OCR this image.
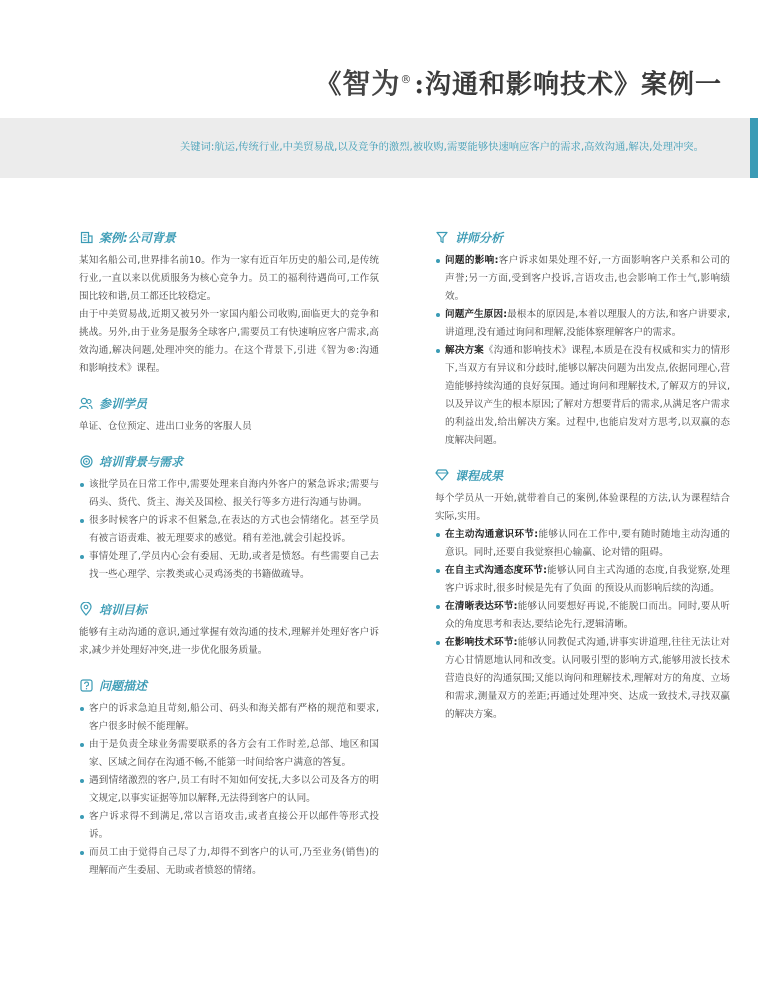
《智为®:沟通和影响技术》案例一
关键词:航运,传统行业,中美贸易战,以及竞争的激烈,被收购,需要能够快速响应客户的需求,高效沟通,解决,处理冲突。
案例:公司背景

某知名船公司,世界排名前10。作为一家有近百年历史的船公司,是传统行业,一直以来以优质服务为核心竞争力。员工的福利待遇尚可,工作氛围比较和谐,员工都还比较稳定。

由于中美贸易战,近期又被另外一家国内船公司收购,面临更大的竞争和挑战。另外,由于业务是服务全球客户,需要员工有快速响应客户需求,高效沟通,解决问题,处理冲突的能力。在这个背景下,引进《智为®:沟通和影响技术》课程。

参训学员

单证、仓位预定、进出口业务的客服人员

培训背景与需求
该批学员在日常工作中,需要处理来自海内外客户的紧急诉求;需要与码头、货代、货主、海关及国检、报关行等多方进行沟通与协调。
很多时候客户的诉求不但紧急,在表达的方式也会情绪化。甚至学员有被言语责难、被无理要求的感觉。稍有差池,就会引起投诉。
事情处理了,学员内心会有委屈、无助,或者是愤怒。有些需要自己去找一些心理学、宗教类或心灵鸡汤类的书籍做疏导。
培训目标

能够有主动沟通的意识,通过掌握有效沟通的技术,理解并处理好客户诉求,减少并处理好冲突,进一步优化服务质量。

问题描述
客户的诉求急迫且苛刻,船公司、码头和海关都有严格的规范和要求,客户很多时候不能理解。
由于是负责全球业务需要联系的各方会有工作时差,总部、地区和国家、区域之间存在沟通不畅,不能第一时间给客户满意的答复。
遇到情绪激烈的客户,员工有时不知如何安抚,大多以公司及各方的明文规定,以事实证据等加以解释,无法得到客户的认同。
客户诉求得不到满足,常以言语攻击,或者直接公开以邮件等形式投诉。
而员工由于觉得自己尽了力,却得不到客户的认可,乃至业务(销售)的理解而产生委屈、无助或者愤怒的情绪。
讲师分析
问题的影响:客户诉求如果处理不好,一方面影响客户关系和公司的声誉;另一方面,受到客户投诉,言语攻击,也会影响工作士气,影响绩效。
问题产生原因:最根本的原因是,本着以理服人的方法,和客户讲要求,讲道理,没有通过询问和理解,没能体察理解客户的需求。
解决方案《沟通和影响技术》课程,本质是在没有权威和实力的情形下,当双方有异议和分歧时,能够以解决问题为出发点,依据同理心,营造能够持续沟通的良好氛围。通过询问和理解技术,了解双方的异议,以及异议产生的根本原因;了解对方想要背后的需求,从满足客户需求的利益出发,给出解决方案。过程中,也能启发对方思考,以双赢的态度解决问题。
课程成果

每个学员从一开始,就带着自己的案例,体验课程的方法,认为课程结合实际,实用。

在主动沟通意识环节:能够认同在工作中,要有随时随地主动沟通的意识。同时,还要自我觉察担心输赢、论对错的阻碍。
在自主式沟通态度环节:能够认同自主式沟通的态度,自我觉察,处理客户诉求时,很多时候是先有了负面 的预设从而影响后续的沟通。
在清晰表达环节:能够认同要想好再说,不能脱口而出。同时,要从听众的角度思考和表达,要结论先行,逻辑清晰。
在影响技术环节:能够认同教促式沟通,讲事实讲道理,往往无法让对方心甘情愿地认同和改变。认同吸引型的影响方式,能够用波长技术营造良好的沟通氛围;又能以询问和理解技术,理解对方的角度、立场和需求,测量双方的差距;再通过处理冲突、达成一致技术,寻找双赢的解决方案。
